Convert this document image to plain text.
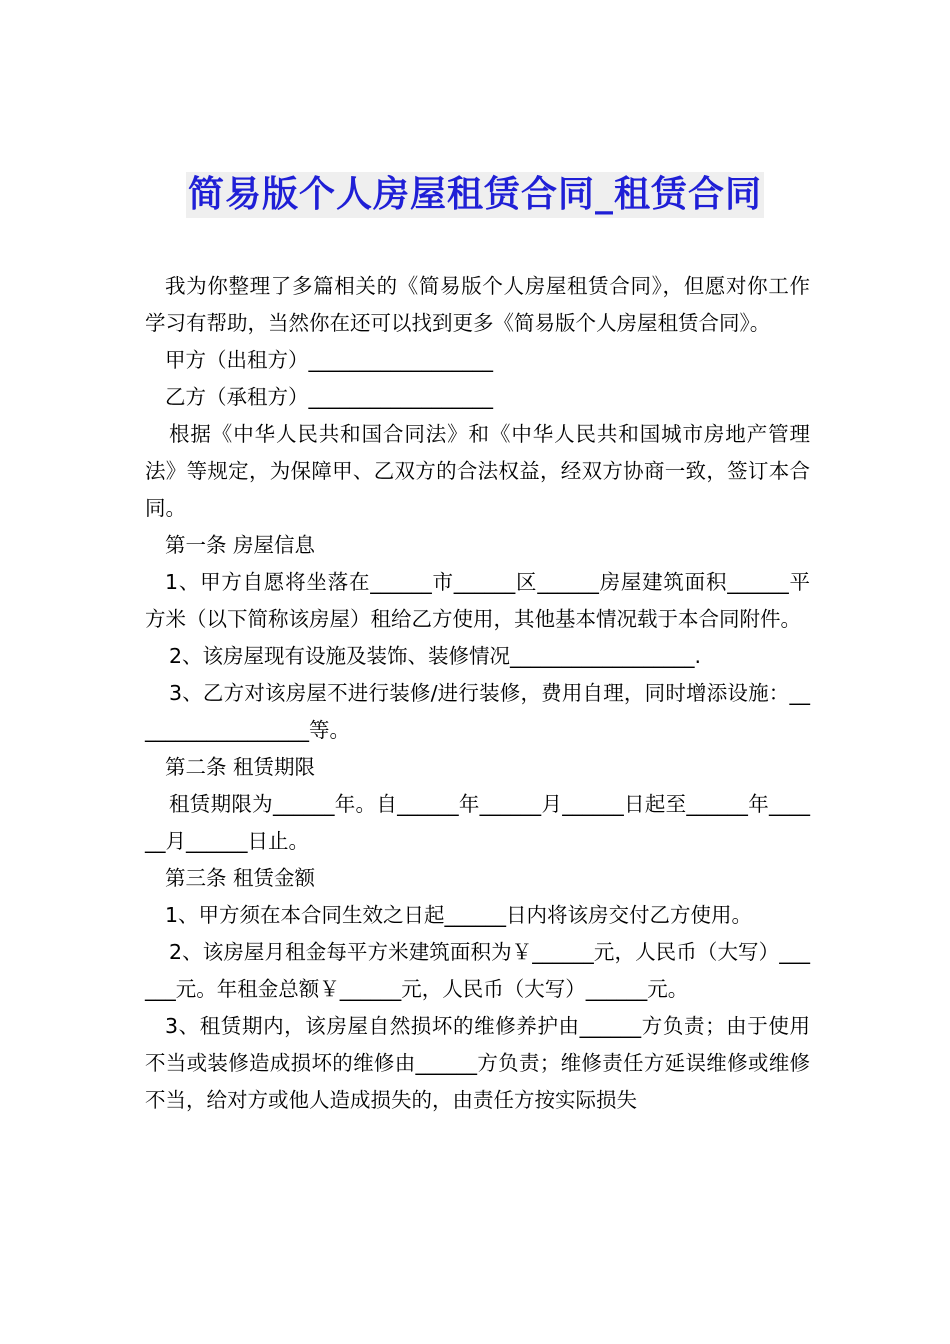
简易版个人房屋租赁合同_租赁合同

我为你整理了多篇相关的《简易版个人房屋租赁合同》，但愿对你工作学习有帮助，当然你在还可以找到更多《简易版个人房屋租赁合同》。

甲方（出租方）__________________

乙方（承租方）__________________

根据《中华人民共和国合同法》和《中华人民共和国城市房地产管理法》等规定，为保障甲、乙双方的合法权益，经双方协商一致，签订本合同。

第一条 房屋信息

1、甲方自愿将坐落在______市______区______房屋建筑面积______平方米（以下简称该房屋）租给乙方使用，其他基本情况载于本合同附件。

2、该房屋现有设施及装饰、装修情况__________________.

3、乙方对该房屋不进行装修/进行装修，费用自理，同时增添设施：__________________等。

第二条 租赁期限

租赁期限为______年。自______年______月______日起至______年______月______日止。

第三条 租赁金额

1、甲方须在本合同生效之日起______日内将该房交付乙方使用。

2、该房屋月租金每平方米建筑面积为￥______元，人民币（大写）______元。年租金总额￥______元，人民币（大写）______元。

3、租赁期内，该房屋自然损坏的维修养护由______方负责；由于使用不当或装修造成损坏的维修由______方负责；维修责任方延误维修或维修不当，给对方或他人造成损失的，由责任方按实际损失
